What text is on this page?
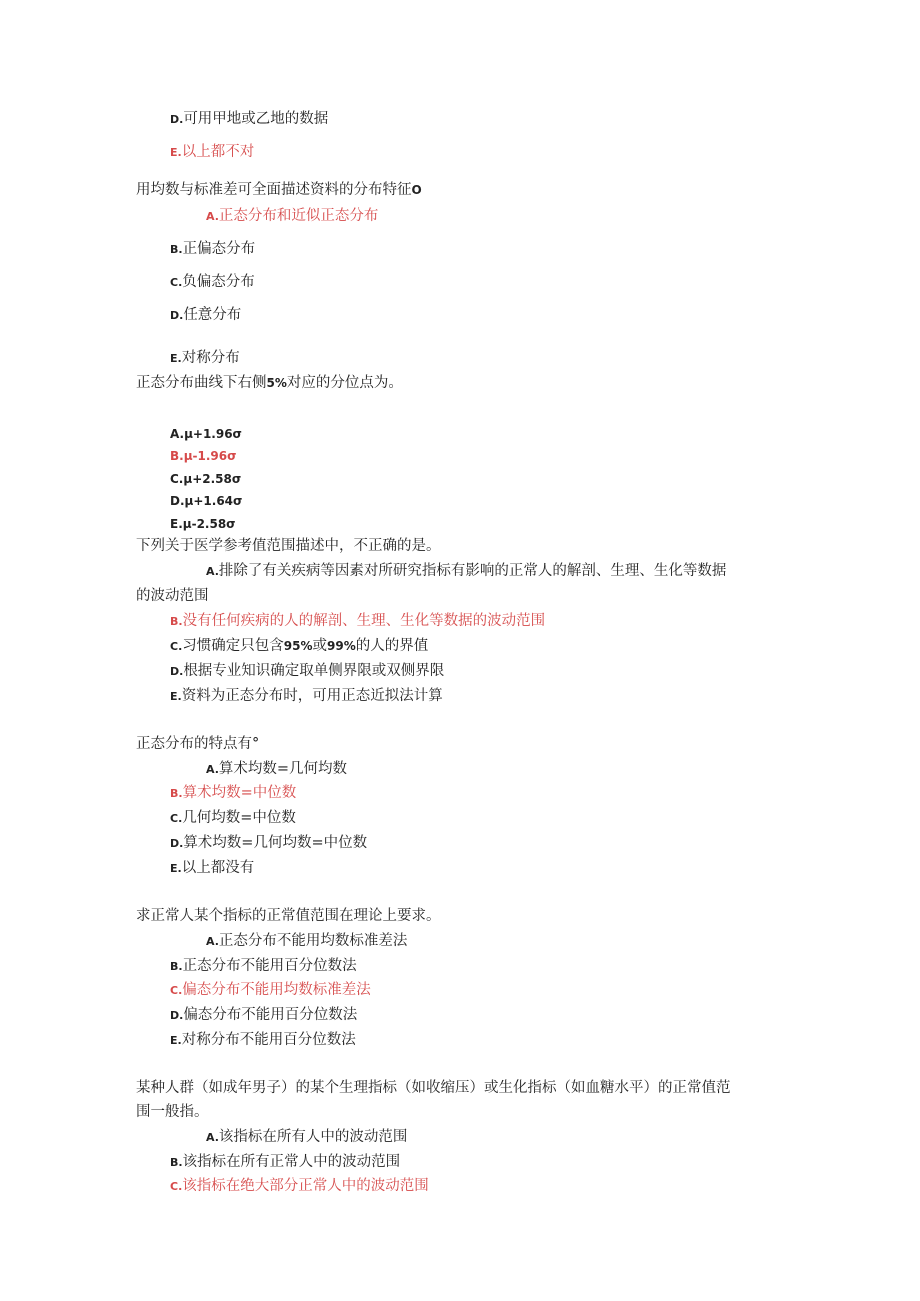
D.可用甲地或乙地的数据
E.以上都不对
用均数与标准差可全面描述资料的分布特征O
A.正态分布和近似正态分布
B.正偏态分布
C.负偏态分布
D.任意分布
E.对称分布
正态分布曲线下右侧5%对应的分位点为。
A.μ+1.96σ
B.μ-1.96σ
C.μ+2.58σ
D.μ+1.64σ
E.μ-2.58σ
下列关于医学参考值范围描述中，不正确的是。
A.排除了有关疾病等因素对所研究指标有影响的正常人的解剖、生理、生化等数据
的波动范围
B.没有任何疾病的人的解剖、生理、生化等数据的波动范围
C.习惯确定只包含95%或99%的人的界值
D.根据专业知识确定取单侧界限或双侧界限
E.资料为正态分布时，可用正态近拟法计算
正态分布的特点有°
A.算术均数=几何均数
B.算术均数=中位数
C.几何均数=中位数
D.算术均数=几何均数=中位数
E.以上都没有
求正常人某个指标的正常值范围在理论上要求。
A.正态分布不能用均数标准差法
B.正态分布不能用百分位数法
C.偏态分布不能用均数标准差法
D.偏态分布不能用百分位数法
E.对称分布不能用百分位数法
某种人群（如成年男子）的某个生理指标（如收缩压）或生化指标（如血糖水平）的正常值范
围一般指。
A.该指标在所有人中的波动范围
B.该指标在所有正常人中的波动范围
C.该指标在绝大部分正常人中的波动范围
